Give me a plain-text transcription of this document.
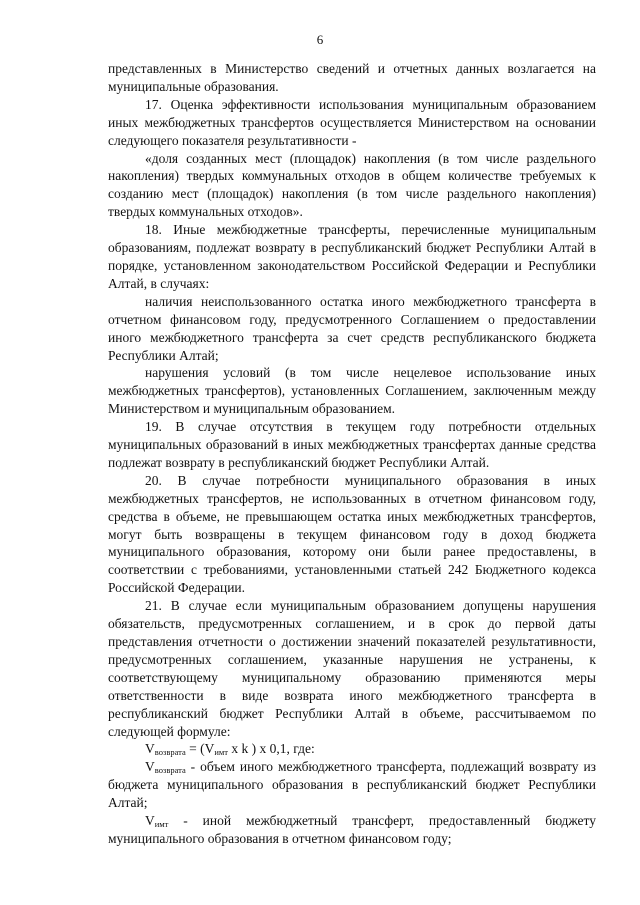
6

представленных в Министерство сведений и отчетных данных возлагается на муниципальные образования.

17. Оценка эффективности использования муниципальным образованием иных межбюджетных трансфертов осуществляется Министерством на основании следующего показателя результативности -

«доля созданных мест (площадок) накопления (в том числе раздельного накопления) твердых коммунальных отходов в общем количестве требуемых к созданию мест (площадок) накопления (в том числе раздельного накопления) твердых коммунальных отходов».

18. Иные межбюджетные трансферты, перечисленные муниципальным образованиям, подлежат возврату в республиканский бюджет Республики Алтай в порядке, установленном законодательством Российской Федерации и Республики Алтай, в случаях:

наличия неиспользованного остатка иного межбюджетного трансферта в отчетном финансовом году, предусмотренного Соглашением о предоставлении иного межбюджетного трансферта за счет средств республиканского бюджета Республики Алтай;

нарушения условий (в том числе нецелевое использование иных межбюджетных трансфертов), установленных Соглашением, заключенным между Министерством и муниципальным образованием.

19. В случае отсутствия в текущем году потребности отдельных муниципальных образований в иных межбюджетных трансфертах данные средства подлежат возврату в республиканский бюджет Республики Алтай.

20. В случае потребности муниципального образования в иных межбюджетных трансфертов, не использованных в отчетном финансовом году, средства в объеме, не превышающем остатка иных межбюджетных трансфертов, могут быть возвращены в текущем финансовом году в доход бюджета муниципального образования, которому они были ранее предоставлены, в соответствии с требованиями, установленными статьей 242 Бюджетного кодекса Российской Федерации.

21. В случае если муниципальным образованием допущены нарушения обязательств, предусмотренных соглашением, и в срок до первой даты представления отчетности о достижении значений показателей результативности, предусмотренных соглашением, указанные нарушения не устранены, к соответствующему муниципальному образованию применяются меры ответственности в виде возврата иного межбюджетного трансферта в республиканский бюджет Республики Алтай в объеме, рассчитываемом по следующей формуле:

$V_{возврата} = (V_{имт}$ x k ) x 0,1, где:

$V_{возврата}$ - объем иного межбюджетного трансферта, подлежащий возврату из бюджета муниципального образования в республиканский бюджет Республики Алтай;

$V_{имт}$ - иной межбюджетный трансферт, предоставленный бюджету муниципального образования в отчетном финансовом году;
